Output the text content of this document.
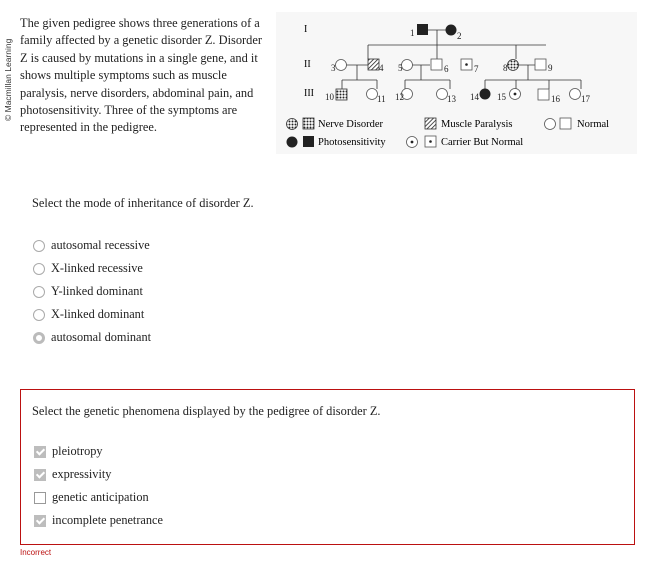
© Macmillan Learning
The given pedigree shows three generations of a family affected by a genetic disorder Z. Disorder Z is caused by mutations in a single gene, and it shows multiple symptoms such as muscle paralysis, nerve disorders, abdominal pain, and photosensitivity. Three of the symptoms are represented in the pedigree.
I
II
III
1	2
3	4 5	6	7	8	9
10	11 12	13 14 15	16 17
Nerve Disorder	Muscle Paralysis	Normal
Photosensitivity	Carrier But Normal
Select the mode of inheritance of disorder Z.
autosomal recessive
X-linked recessive
Y-linked dominant
X-linked dominant
autosomal dominant
Select the genetic phenomena displayed by the pedigree of disorder Z.
pleiotropy
expressivity
genetic anticipation
incomplete penetrance
Incorrect
